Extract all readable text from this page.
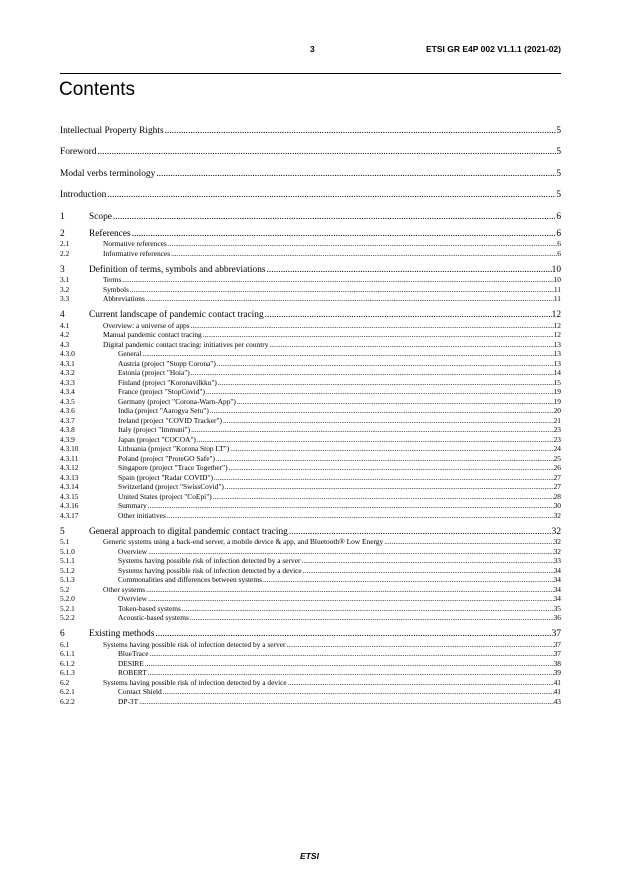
3	ETSI GR E4P 002 V1.1.1 (2021-02)
Contents
Intellectual Property Rights .....	5
Foreword .....	5
Modal verbs terminology .....	5
Introduction .....	5
1	Scope .....	6
2	References .....	6
2.1	Normative references .....	6
2.2	Informative references .....	6
3	Definition of terms, symbols and abbreviations .....	10
3.1	Terms .....	10
3.2	Symbols .....	11
3.3	Abbreviations .....	11
4	Current landscape of pandemic contact tracing .....	12
4.1	Overview: a universe of apps .....	12
4.2	Manual pandemic contact tracing .....	12
4.3	Digital pandemic contact tracing: initiatives per country .....	13
4.3.0	General .....	13
4.3.1	Austria (project "Stopp Corona") .....	13
4.3.2	Estonia (project "Hoia") .....	14
4.3.3	Finland (project "Koronavilkku") .....	15
4.3.4	France (project "StopCovid") .....	19
4.3.5	Germany (project "Corona-Warn-App") .....	19
4.3.6	India (project "Aarogya Setu") .....	20
4.3.7	Ireland (project "COVID Tracker") .....	21
4.3.8	Italy (project "Immuni") .....	23
4.3.9	Japan (project "COCOA") .....	23
4.3.10	Lithuania (project "Korona Stop LT") .....	24
4.3.11	Poland (project "ProteGO Safe") .....	25
4.3.12	Singapore (project "Trace Together") .....	26
4.3.13	Spain (project "Radar COVID") .....	27
4.3.14	Switzerland (project "SwissCovid") .....	27
4.3.15	United States (project "CoEpi") .....	28
4.3.16	Summary .....	30
4.3.17	Other initiatives .....	32
5	General approach to digital pandemic contact tracing .....	32
5.1	Generic systems using a back-end server, a mobile device & app, and Bluetooth® Low Energy .....	32
5.1.0	Overview .....	32
5.1.1	Systems having possible risk of infection detected by a server .....	33
5.1.2	Systems having possible risk of infection detected by a device .....	34
5.1.3	Commonalities and differences between systems .....	34
5.2	Other systems .....	34
5.2.0	Overview .....	34
5.2.1	Token-based systems .....	35
5.2.2	Acoustic-based systems .....	36
6	Existing methods .....	37
6.1	Systems having possible risk of infection detected by a server .....	37
6.1.1	BlueTrace .....	37
6.1.2	DESIRE .....	38
6.1.3	ROBERT .....	39
6.2	Systems having possible risk of infection detected by a device .....	41
6.2.1	Contact Shield .....	41
6.2.2	DP-3T .....	43
ETSI
